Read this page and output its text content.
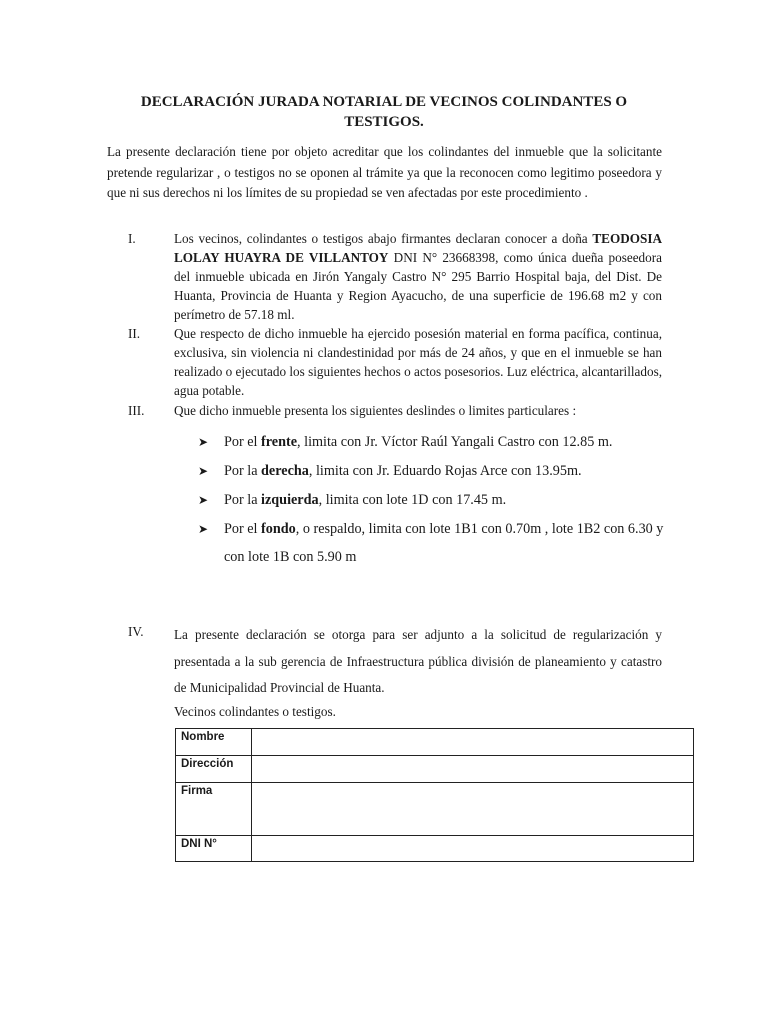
DECLARACIÓN JURADA NOTARIAL DE VECINOS COLINDANTES O TESTIGOS.
La presente declaración tiene por objeto acreditar que los colindantes del inmueble que la solicitante pretende regularizar , o testigos no se oponen al trámite ya que la reconocen como legitimo poseedora y que ni sus derechos ni los límites de su propiedad se ven afectadas por este procedimiento .
I.	Los vecinos, colindantes o testigos abajo firmantes declaran conocer a doña TEODOSIA LOLAY HUAYRA DE VILLANTOY DNI N° 23668398, como única dueña poseedora del inmueble ubicada en Jirón Yangaly Castro N° 295 Barrio Hospital baja, del Dist. De Huanta, Provincia de Huanta y Region Ayacucho, de una superficie de 196.68 m2 y con perímetro de 57.18 ml.
II.	Que respecto de dicho inmueble ha ejercido posesión material en forma pacífica, continua, exclusiva, sin violencia ni clandestinidad por más de 24 años, y que en el inmueble se han realizado o ejecutado los siguientes hechos o actos posesorios. Luz eléctrica, alcantarillados, agua potable.
III. Que dicho inmueble presenta los siguientes deslindes o limites particulares :
➤ Por el frente, limita con Jr. Víctor Raúl Yangali Castro con 12.85 m.
➤ Por la derecha, limita con Jr. Eduardo Rojas Arce con 13.95m.
➤ Por la izquierda, limita con lote 1D con 17.45 m.
➤ Por el fondo, o respaldo, limita con lote 1B1 con 0.70m , lote 1B2 con 6.30 y con lote 1B con 5.90 m
IV. La presente declaración se otorga para ser adjunto a la solicitud de regularización y presentada a la sub gerencia de Infraestructura pública división de planeamiento y catastro de Municipalidad Provincial de Huanta.
Vecinos colindantes o testigos.
Nombre	
Dirección	
Firma	
DNI N°	
